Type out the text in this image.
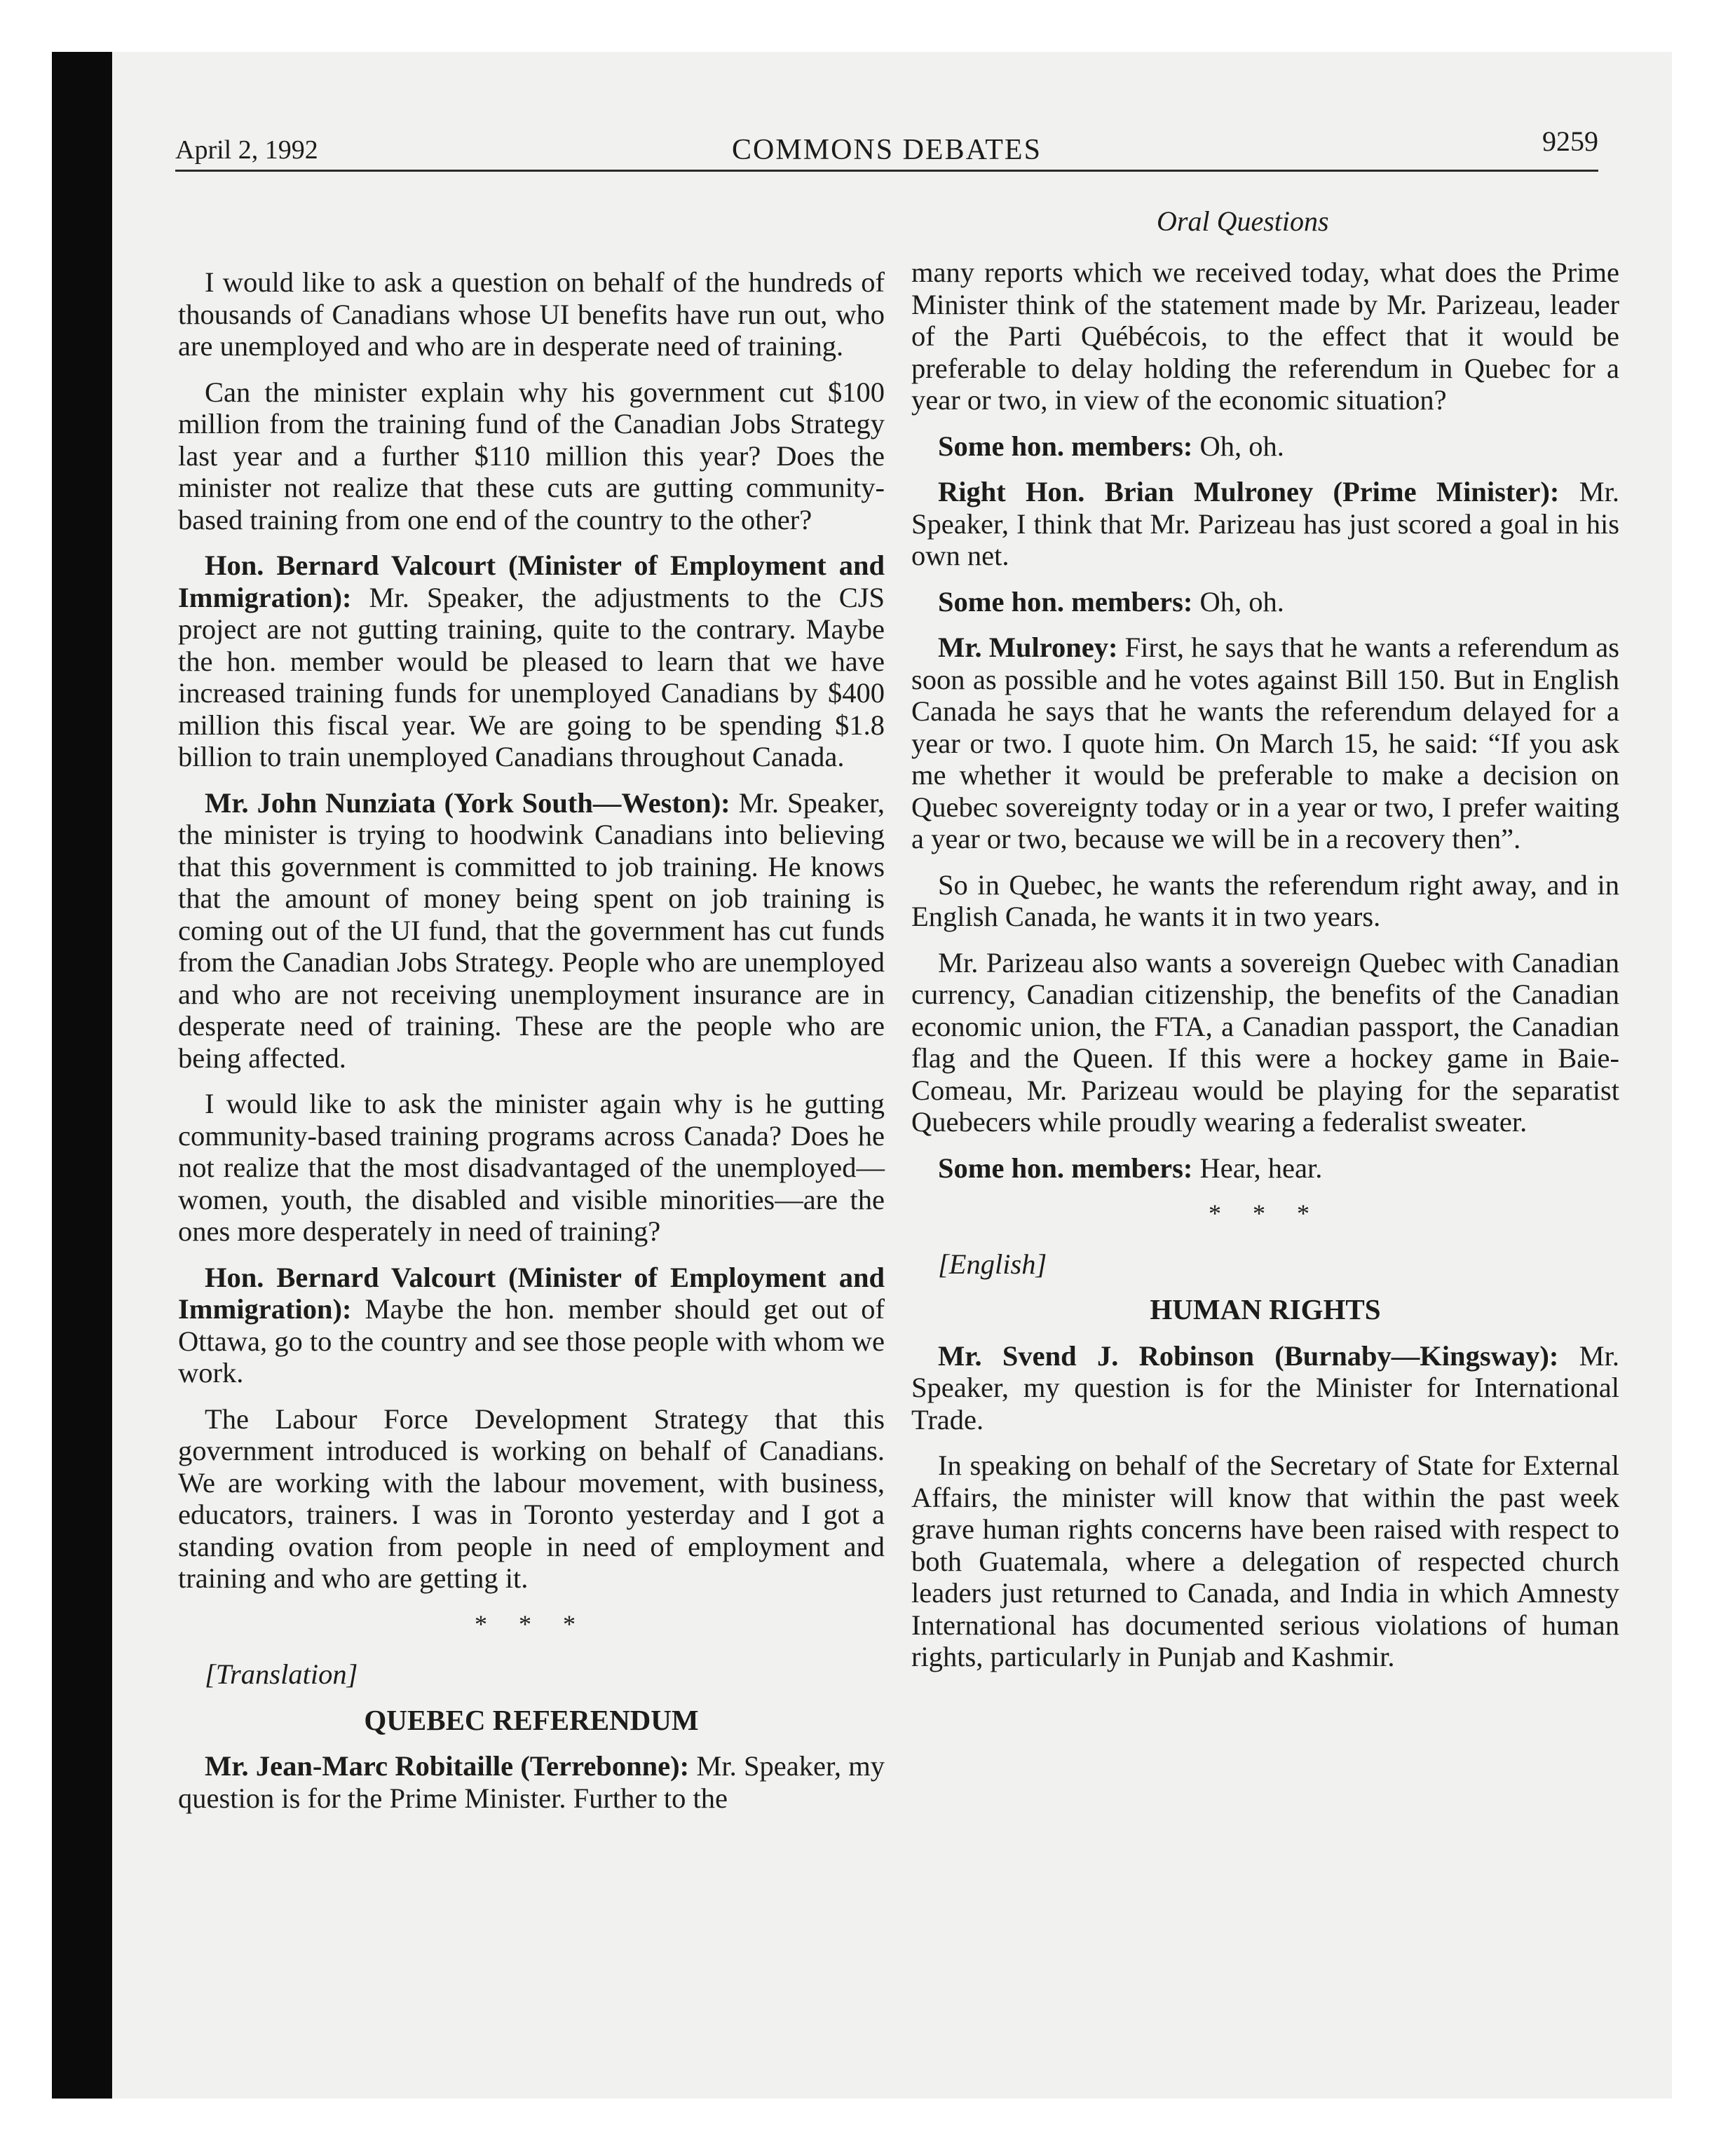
April 2, 1992	COMMONS DEBATES	9259
Oral Questions

I would like to ask a question on behalf of the hundreds of thousands of Canadians whose UI benefits have run out, who are unemployed and who are in desperate need of training.

Can the minister explain why his government cut $100 million from the training fund of the Canadian Jobs Strategy last year and a further $110 million this year? Does the minister not realize that these cuts are gutting community-based training from one end of the country to the other?

Hon. Bernard Valcourt (Minister of Employment and Immigration): Mr. Speaker, the adjustments to the CJS project are not gutting training, quite to the contrary. Maybe the hon. member would be pleased to learn that we have increased training funds for unemployed Canadians by $400 million this fiscal year. We are going to be spending $1.8 billion to train unemployed Canadians throughout Canada.

Mr. John Nunziata (York South—Weston): Mr. Speaker, the minister is trying to hoodwink Canadians into believing that this government is committed to job training. He knows that the amount of money being spent on job training is coming out of the UI fund, that the government has cut funds from the Canadian Jobs Strategy. People who are unemployed and who are not receiving unemployment insurance are in desperate need of training. These are the people who are being affected.

I would like to ask the minister again why is he gutting community-based training programs across Canada? Does he not realize that the most disadvantaged of the unemployed—women, youth, the disabled and visible minorities—are the ones more desperately in need of training?

Hon. Bernard Valcourt (Minister of Employment and Immigration): Maybe the hon. member should get out of Ottawa, go to the country and see those people with whom we work.

The Labour Force Development Strategy that this government introduced is working on behalf of Canadians. We are working with the labour movement, with business, educators, trainers. I was in Toronto yesterday and I got a standing ovation from people in need of employment and training and who are getting it.

* * *

[Translation]

QUEBEC REFERENDUM

Mr. Jean-Marc Robitaille (Terrebonne): Mr. Speaker, my question is for the Prime Minister. Further to the

many reports which we received today, what does the Prime Minister think of the statement made by Mr. Parizeau, leader of the Parti Québécois, to the effect that it would be preferable to delay holding the referendum in Quebec for a year or two, in view of the economic situation?

Some hon. members: Oh, oh.

Right Hon. Brian Mulroney (Prime Minister): Mr. Speaker, I think that Mr. Parizeau has just scored a goal in his own net.

Some hon. members: Oh, oh.

Mr. Mulroney: First, he says that he wants a referendum as soon as possible and he votes against Bill 150. But in English Canada he says that he wants the referendum delayed for a year or two. I quote him. On March 15, he said: “If you ask me whether it would be preferable to make a decision on Quebec sovereignty today or in a year or two, I prefer waiting a year or two, because we will be in a recovery then”.

So in Quebec, he wants the referendum right away, and in English Canada, he wants it in two years.

Mr. Parizeau also wants a sovereign Quebec with Canadian currency, Canadian citizenship, the benefits of the Canadian economic union, the FTA, a Canadian passport, the Canadian flag and the Queen. If this were a hockey game in Baie-Comeau, Mr. Parizeau would be playing for the separatist Quebecers while proudly wearing a federalist sweater.

Some hon. members: Hear, hear.

* * *

[English]

HUMAN RIGHTS

Mr. Svend J. Robinson (Burnaby—Kingsway): Mr. Speaker, my question is for the Minister for International Trade.

In speaking on behalf of the Secretary of State for External Affairs, the minister will know that within the past week grave human rights concerns have been raised with respect to both Guatemala, where a delegation of respected church leaders just returned to Canada, and India in which Amnesty International has documented serious violations of human rights, particularly in Punjab and Kashmir.
